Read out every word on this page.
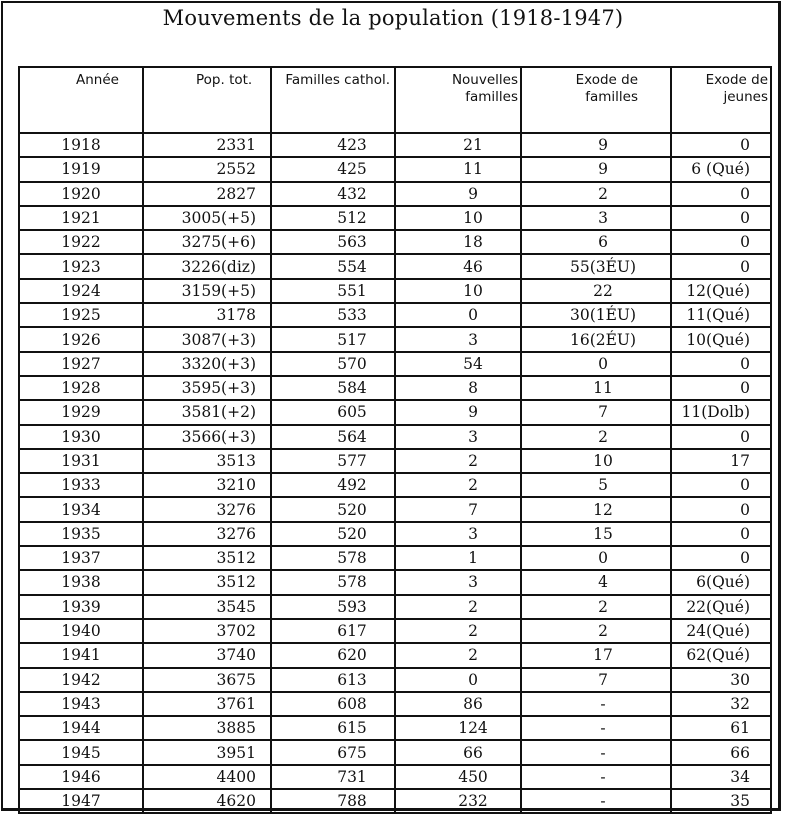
Mouvements de la population (1918-1947)
Année	Pop. tot.	Familles cathol.	Nouvelles familles	Exode de familles	Exode de jeunes
1918	2331	423	21	9	0
1919	2552	425	11	9	6 (Qué)
1920	2827	432	9	2	0
1921	3005(+5)	512	10	3	0
1922	3275(+6)	563	18	6	0
1923	3226(diz)	554	46	55(3ÉU)	0
1924	3159(+5)	551	10	22	12(Qué)
1925	3178	533	0	30(1ÉU)	11(Qué)
1926	3087(+3)	517	3	16(2ÉU)	10(Qué)
1927	3320(+3)	570	54	0	0
1928	3595(+3)	584	8	11	0
1929	3581(+2)	605	9	7	11(Dolb)
1930	3566(+3)	564	3	2	0
1931	3513	577	2	10	17
1933	3210	492	2	5	0
1934	3276	520	7	12	0
1935	3276	520	3	15	0
1937	3512	578	1	0	0
1938	3512	578	3	4	6(Qué)
1939	3545	593	2	2	22(Qué)
1940	3702	617	2	2	24(Qué)
1941	3740	620	2	17	62(Qué)
1942	3675	613	0	7	30
1943	3761	608	86	-	32
1944	3885	615	124	-	61
1945	3951	675	66	-	66
1946	4400	731	450	-	34
1947	4620	788	232	-	35
